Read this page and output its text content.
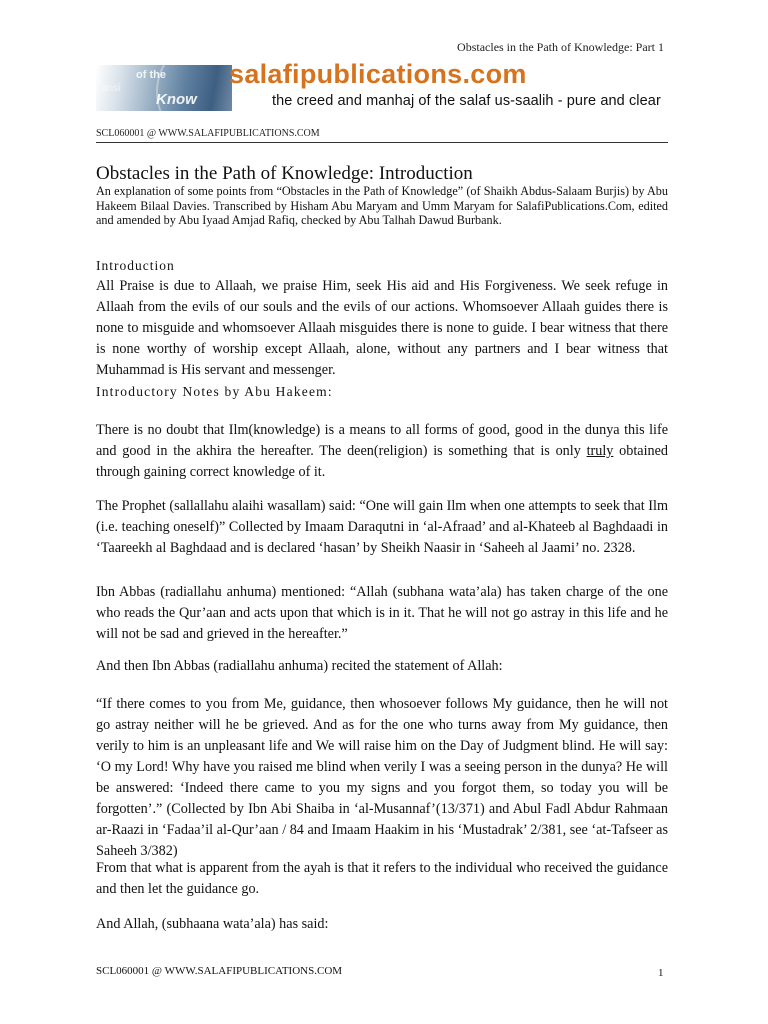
Obstacles in the Path of Knowledge: Part 1
of the
ansi
Know
salafipublications.com
the creed and manhaj of the salaf us-saalih - pure and clear
SCL060001 @ WWW.SALAFIPUBLICATIONS.COM
Obstacles in the Path of Knowledge: Introduction
An explanation of some points from “Obstacles in the Path of Knowledge” (of Shaikh Abdus-Salaam Burjis) by Abu Hakeem Bilaal Davies. Transcribed by Hisham Abu Maryam and Umm Maryam for SalafiPublications.Com, edited and amended by Abu Iyaad Amjad Rafiq, checked by Abu Talhah Dawud Burbank.
Introduction
All Praise is due to Allaah, we praise Him, seek His aid and His Forgiveness. We seek refuge in Allaah from the evils of our souls and the evils of our actions. Whomsoever Allaah guides there is none to misguide and whomsoever Allaah misguides there is none to guide. I bear witness that there is none worthy of worship except Allaah, alone, without any partners and I bear witness that Muhammad is His servant and messenger.
Introductory Notes by Abu Hakeem:
There is no doubt that Ilm(knowledge) is a means to all forms of good, good in the dunya this life and good in the akhira the hereafter. The deen(religion) is something that is only truly obtained through gaining correct knowledge of it.
The Prophet (sallallahu alaihi wasallam) said: “One will gain Ilm when one attempts to seek that Ilm (i.e. teaching oneself)” Collected by Imaam Daraqutni in ‘al-Afraad’ and al-Khateeb al Baghdaadi in ‘Taareekh al Baghdaad and is declared ‘hasan’ by Sheikh Naasir in ‘Saheeh al Jaami’ no. 2328.
Ibn Abbas (radiallahu anhuma) mentioned: “Allah (subhana wata’ala) has taken charge of the one who reads the Qur’aan and acts upon that which is in it. That he will not go astray in this life and he will not be sad and grieved in the hereafter.”
And then Ibn Abbas (radiallahu anhuma) recited the statement of Allah:
“If there comes to you from Me, guidance, then whosoever follows My guidance, then he will not go astray neither will he be grieved. And as for the one who turns away from My guidance, then verily to him is an unpleasant life and We will raise him on the Day of Judgment blind. He will say: ‘O my Lord! Why have you raised me blind when verily I was a seeing person in the dunya? He will be answered: ‘Indeed there came to you my signs and you forgot them, so today you will be forgotten’.” (Collected by Ibn Abi Shaiba in ‘al-Musannaf’(13/371) and Abul Fadl Abdur Rahmaan ar-Raazi in ‘Fadaa’il al-Qur’aan / 84 and Imaam Haakim in his ‘Mustadrak’ 2/381, see ‘at-Tafseer as Saheeh 3/382)
From that what is apparent from the ayah is that it refers to the individual who received the guidance and then let the guidance go.
And Allah, (subhaana wata’ala) has said:
SCL060001 @ WWW.SALAFIPUBLICATIONS.COM	1
